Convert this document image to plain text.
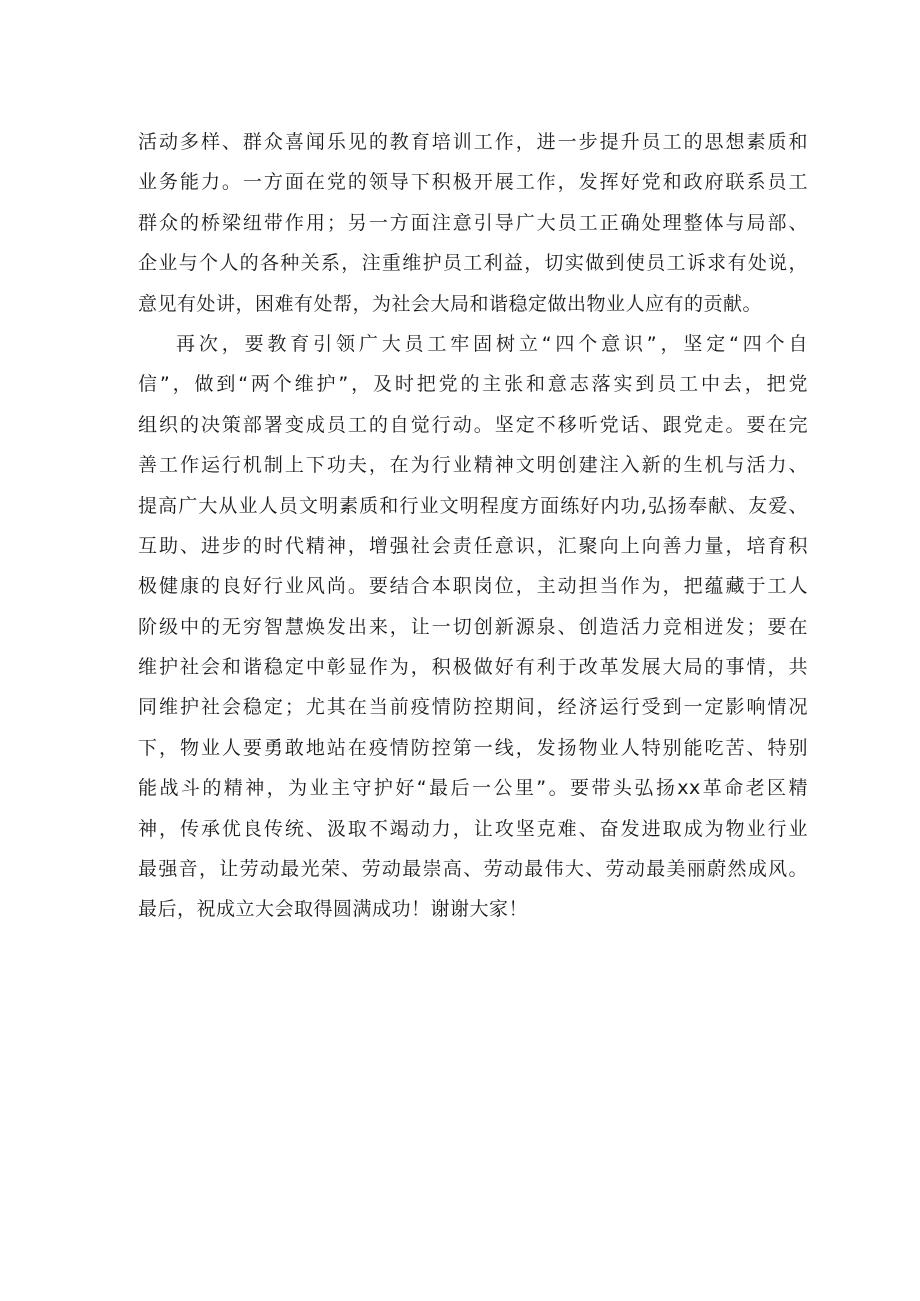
活动多样、群众喜闻乐见的教育培训工作，进一步提升员工的思想素质和
业务能力。一方面在党的领导下积极开展工作，发挥好党和政府联系员工
群众的桥梁纽带作用；另一方面注意引导广大员工正确处理整体与局部、
企业与个人的各种关系，注重维护员工利益，切实做到使员工诉求有处说，
意见有处讲，困难有处帮，为社会大局和谐稳定做出物业人应有的贡献。
再次，要教育引领广大员工牢固树立“四个意识”，坚定“四个自
信”，做到“两个维护”，及时把党的主张和意志落实到员工中去，把党
组织的决策部署变成员工的自觉行动。坚定不移听党话、跟党走。要在完
善工作运行机制上下功夫，在为行业精神文明创建注入新的生机与活力、
提高广大从业人员文明素质和行业文明程度方面练好内功,弘扬奉献、友爱、
互助、进步的时代精神，增强社会责任意识，汇聚向上向善力量，培育积
极健康的良好行业风尚。要结合本职岗位，主动担当作为，把蕴藏于工人
阶级中的无穷智慧焕发出来，让一切创新源泉、创造活力竞相迸发；要在
维护社会和谐稳定中彰显作为，积极做好有利于改革发展大局的事情，共
同维护社会稳定；尤其在当前疫情防控期间，经济运行受到一定影响情况
下，物业人要勇敢地站在疫情防控第一线，发扬物业人特别能吃苦、特别
能战斗的精神，为业主守护好“最后一公里”。要带头弘扬xx革命老区精
神，传承优良传统、汲取不竭动力，让攻坚克难、奋发进取成为物业行业
最强音，让劳动最光荣、劳动最崇高、劳动最伟大、劳动最美丽蔚然成风。
最后，祝成立大会取得圆满成功！谢谢大家！
